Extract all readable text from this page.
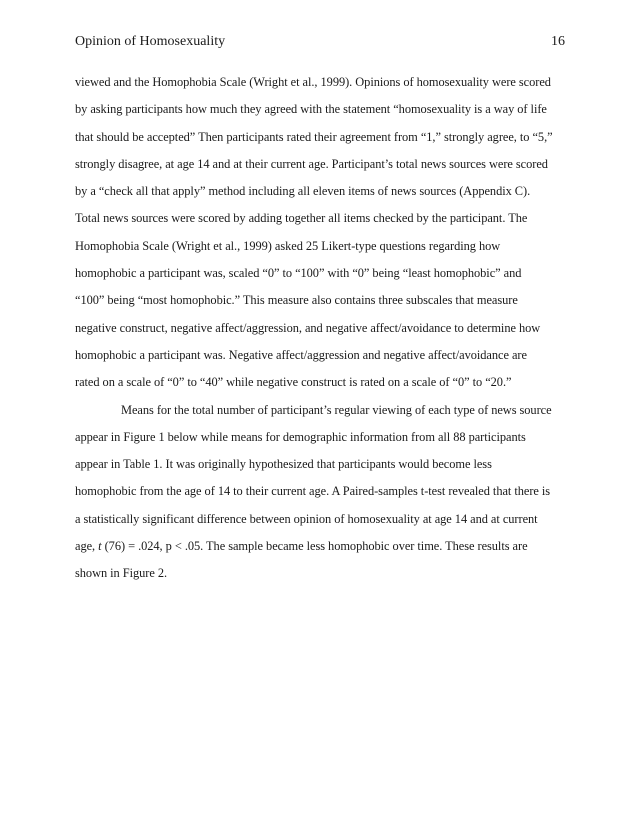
Opinion of Homosexuality	16
viewed and the Homophobia Scale (Wright et al., 1999). Opinions of homosexuality were scored
by asking participants how much they agreed with the statement “homosexuality is a way of life
that should be accepted” Then participants rated their agreement from “1,” strongly agree, to “5,”
strongly disagree, at age 14 and at their current age. Participant’s total news sources were scored
by a “check all that apply” method including all eleven items of news sources (Appendix C).
Total news sources were scored by adding together all items checked by the participant. The
Homophobia Scale (Wright et al., 1999) asked 25 Likert-type questions regarding how
homophobic a participant was, scaled “0” to “100” with “0” being “least homophobic” and
“100” being “most homophobic.” This measure also contains three subscales that measure
negative construct, negative affect/aggression, and negative affect/avoidance to determine how
homophobic a participant was. Negative affect/aggression and negative affect/avoidance are
rated on a scale of “0” to “40” while negative construct is rated on a scale of “0” to “20.”
Means for the total number of participant’s regular viewing of each type of news source
appear in Figure 1 below while means for demographic information from all 88 participants
appear in Table 1. It was originally hypothesized that participants would become less
homophobic from the age of 14 to their current age. A Paired-samples t-test revealed that there is
a statistically significant difference between opinion of homosexuality at age 14 and at current
age, t (76) = .024, p < .05. The sample became less homophobic over time. These results are
shown in Figure 2.
